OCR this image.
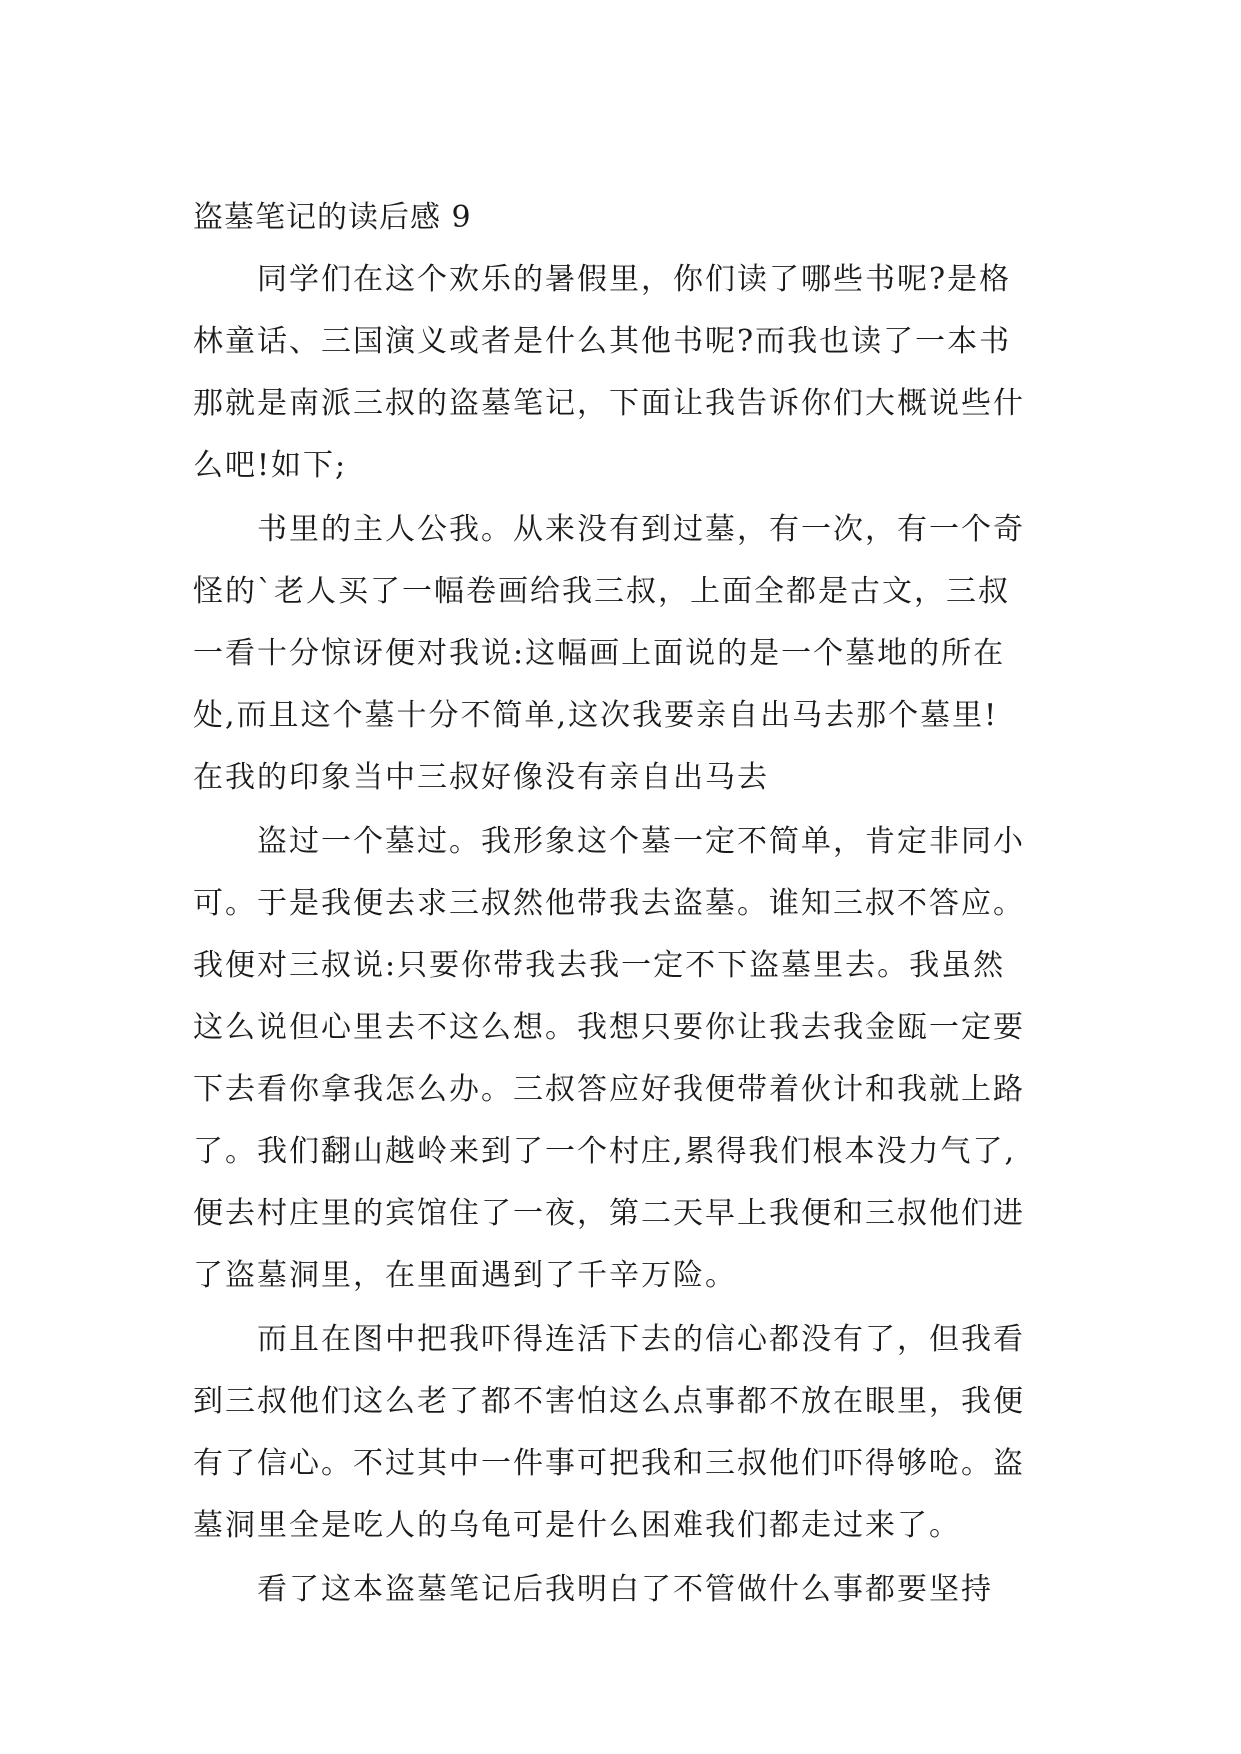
盗墓笔记的读后感 9
　　同学们在这个欢乐的暑假里，你们读了哪些书呢?是格
林童话、三国演义或者是什么其他书呢?而我也读了一本书
那就是南派三叔的盗墓笔记，下面让我告诉你们大概说些什
么吧!如下;
　　书里的主人公我。从来没有到过墓，有一次，有一个奇
怪的`老人买了一幅卷画给我三叔，上面全都是古文，三叔
一看十分惊讶便对我说:这幅画上面说的是一个墓地的所在
处,而且这个墓十分不简单,这次我要亲自出马去那个墓里!
在我的印象当中三叔好像没有亲自出马去
　　盗过一个墓过。我形象这个墓一定不简单，肯定非同小
可。于是我便去求三叔然他带我去盗墓。谁知三叔不答应。
我便对三叔说:只要你带我去我一定不下盗墓里去。我虽然
这么说但心里去不这么想。我想只要你让我去我金瓯一定要
下去看你拿我怎么办。三叔答应好我便带着伙计和我就上路
了。我们翻山越岭来到了一个村庄,累得我们根本没力气了,
便去村庄里的宾馆住了一夜，第二天早上我便和三叔他们进
了盗墓洞里，在里面遇到了千辛万险。
　　而且在图中把我吓得连活下去的信心都没有了，但我看
到三叔他们这么老了都不害怕这么点事都不放在眼里，我便
有了信心。不过其中一件事可把我和三叔他们吓得够呛。盗
墓洞里全是吃人的乌龟可是什么困难我们都走过来了。
　　看了这本盗墓笔记后我明白了不管做什么事都要坚持
